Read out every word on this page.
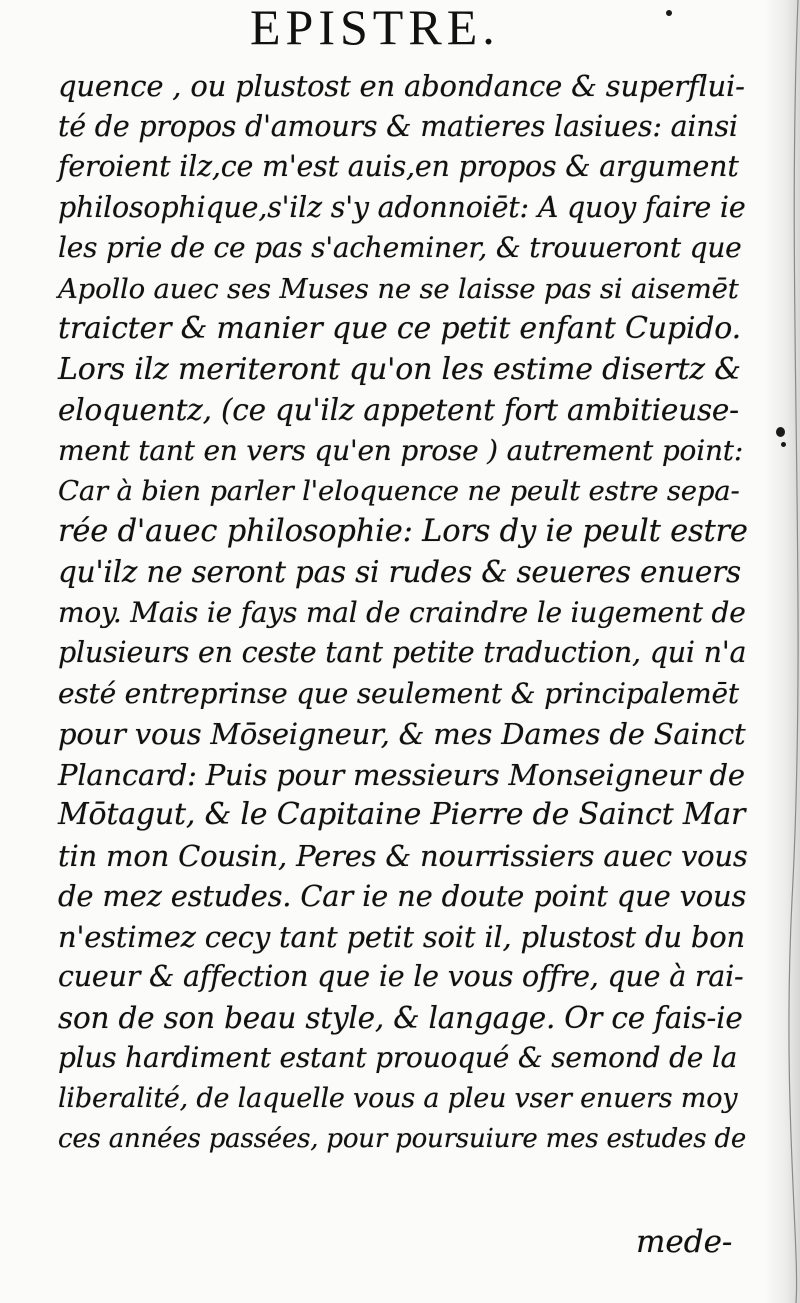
EPISTRE.
quence , ou plustost en abondance & superflui-
té de propos d'amours & matieres lasiues: ainsi
feroient ilz,ce m'est auis,en propos & argument
philosophique,s'ilz s'y adonnoiēt: A quoy faire ie
les prie de ce pas s'acheminer, & trouueront que
Apollo auec ses Muses ne se laisse pas si aisemēt
traicter & manier que ce petit enfant Cupido.
Lors ilz meriteront qu'on les estime disertz &
eloquentz, (ce qu'ilz appetent fort ambitieuse-
ment tant en vers qu'en prose ) autrement point:
Car à bien parler l'eloquence ne peult estre sepa-
rée d'auec philosophie: Lors dy ie peult estre
qu'ilz ne seront pas si rudes & seueres enuers
moy. Mais ie fays mal de craindre le iugement de
plusieurs en ceste tant petite traduction, qui n'a
esté entreprinse que seulement & principalemēt
pour vous Mōseigneur, & mes Dames de Sainct
Plancard: Puis pour messieurs Monseigneur de
Mōtagut, & le Capitaine Pierre de Sainct Mar
tin mon Cousin, Peres & nourrissiers auec vous
de mez estudes. Car ie ne doute point que vous
n'estimez cecy tant petit soit il, plustost du bon
cueur & affection que ie le vous offre, que à rai-
son de son beau style, & langage. Or ce fais-ie
plus hardiment estant prouoqué & semond de la
liberalité, de laquelle vous a pleu vser enuers moy
ces années passées, pour poursuiure mes estudes de
mede-
